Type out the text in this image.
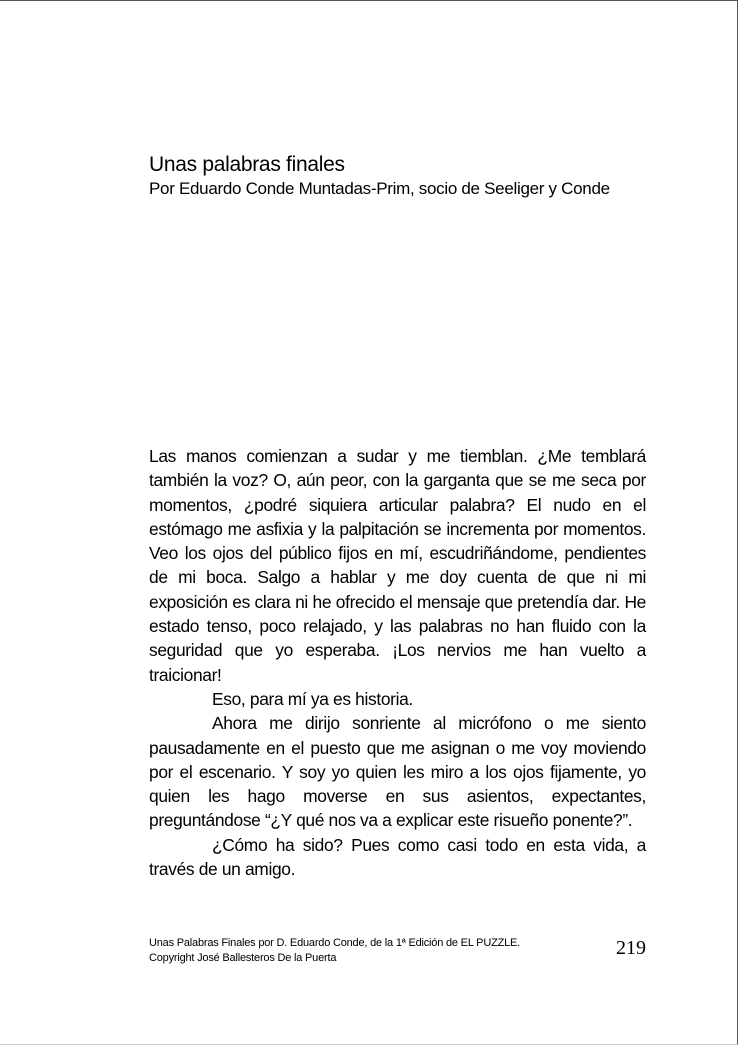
Unas palabras finales
Por Eduardo Conde Muntadas-Prim, socio de Seeliger y Conde

Las manos comienzan a sudar y me tiemblan. ¿Me temblará también la voz? O, aún peor, con la garganta que se me seca por momentos, ¿podré siquiera articular palabra? El nudo en el estómago me asfixia y la palpitación se incrementa por momentos. Veo los ojos del público fijos en mí, escudriñándome, pendientes de mi boca. Salgo a hablar y me doy cuenta de que ni mi exposición es clara ni he ofrecido el mensaje que pretendía dar. He estado tenso, poco relajado, y las palabras no han fluido con la seguridad que yo esperaba. ¡Los nervios me han vuelto a traicionar!

Eso, para mí ya es historia.

Ahora me dirijo sonriente al micrófono o me siento pausadamente en el puesto que me asignan o me voy moviendo por el escenario. Y soy yo quien les miro a los ojos fijamente, yo quien les hago moverse en sus asientos, expectantes, preguntándose “¿Y qué nos va a explicar este risueño ponente?”.

¿Cómo ha sido? Pues como casi todo en esta vida, a través de un amigo.

Unas Palabras Finales por D. Eduardo Conde, de la 1ª Edición de EL PUZZLE.
Copyright José Ballesteros De la Puerta	219
